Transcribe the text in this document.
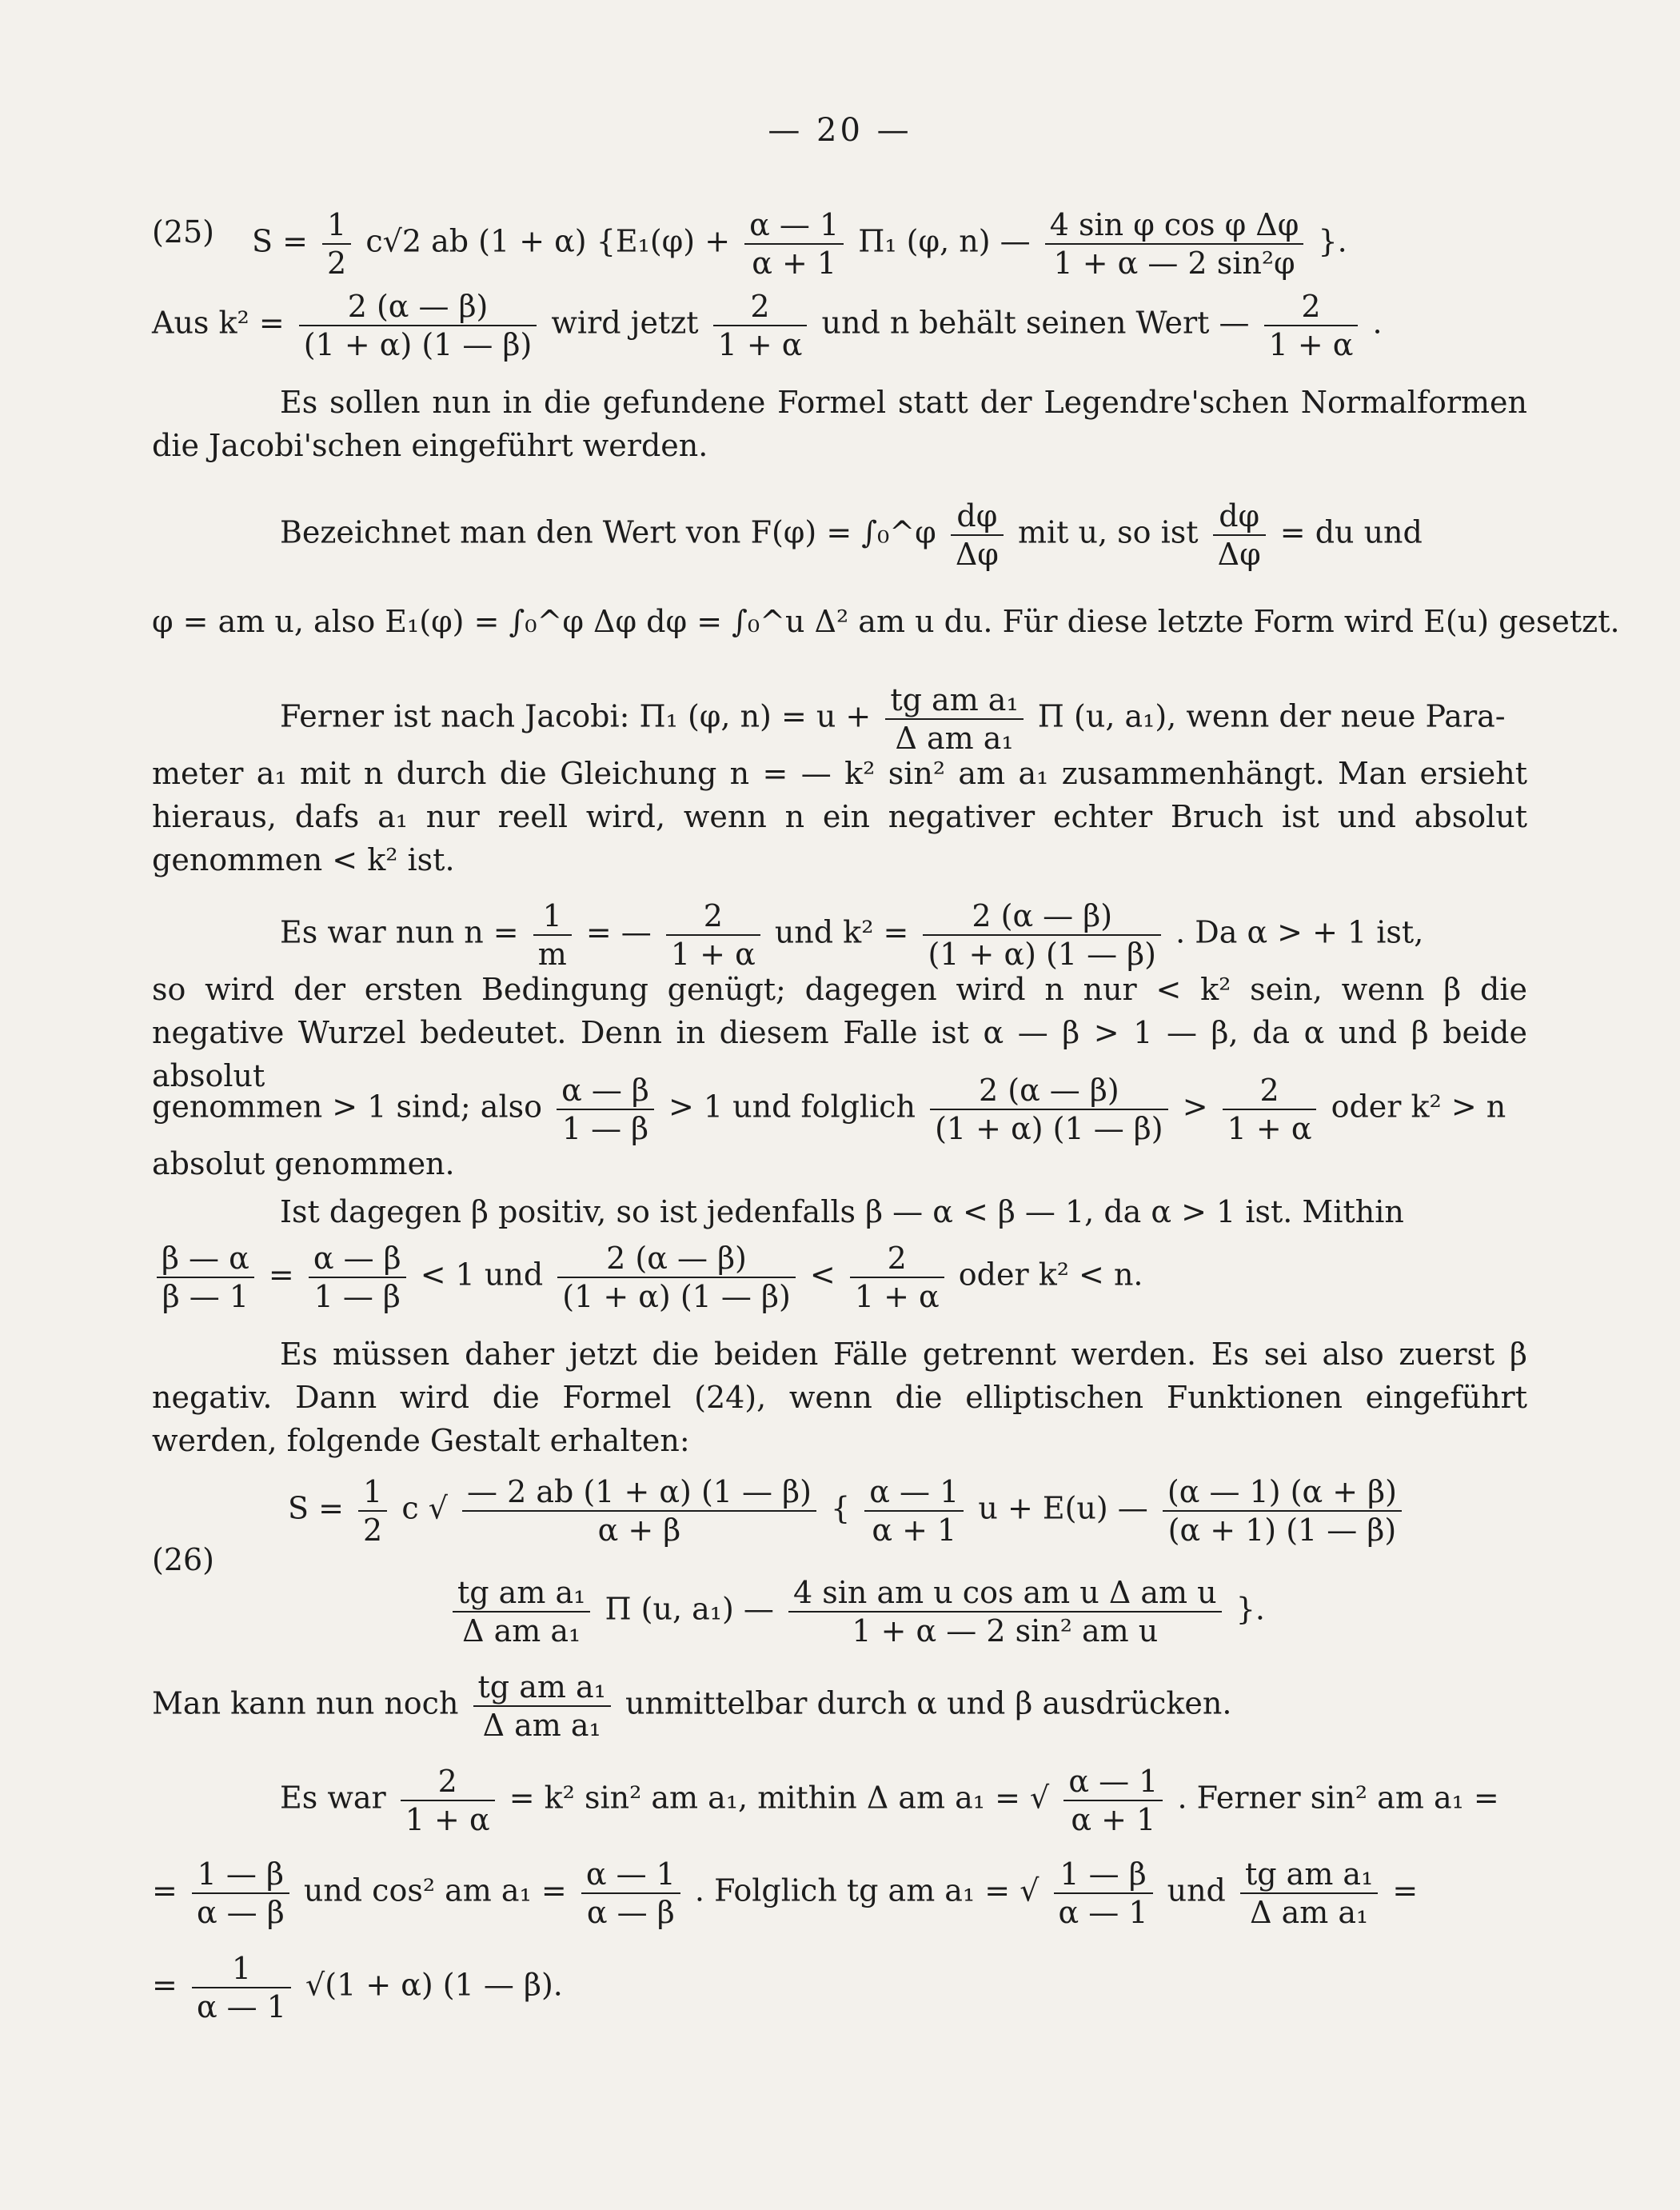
— 20 —
(25) $S = \frac{1}{2} c√2$ ab (1 + α) {$E_1(\varphi) + \frac{\alpha — 1}{\alpha + 1} \Pi_1$ (φ, n) — $\frac{\text{4 sin φ cos φ Δφ}}{\text{1 + α — 2 sin²φ}}$ }.
Aus $k^2 = \frac{2 (\alpha — \beta)}{(1 + \alpha) (1 — \beta)}$ wird jetzt $\frac{2}{1 + \alpha}$ und n behält seinen Wert — $\frac{2}{1 + \alpha}$ .
Es sollen nun in die gefundene Formel statt der Legendre'schen Normalformen die Jacobi'schen eingeführt werden.
Bezeichnet man den Wert von F(φ) = ∫₀^φ $\frac{d\varphi}{\Delta\varphi}$ mit u, so ist $\frac{d\varphi}{\Delta\varphi}$ = du und
φ = am u, also E₁(φ) = ∫₀^φ Δφ dφ = ∫₀^u Δ² am u du. Für diese letzte Form wird E(u) gesetzt.
Ferner ist nach Jacobi: Π₁ (φ, $n) = u + \frac{\text{tg am a₁}}{\text{Δ am a₁}}$ Π (u, a₁), wenn der neue Para-
meter a₁ mit n durch die Gleichung n = — k² sin² am a₁ zusammenhängt. Man ersieht hieraus, dafs a₁ nur reell wird, wenn n ein negativer echter Bruch ist und absolut genommen < k² ist.
Es war nun $n = \frac{1}{m}$ = — $\frac{2}{1 + \alpha}$ und $k^2 = \frac{2 (\alpha — \beta)}{(1 + \alpha) (1 — \beta)}$ . Da α > + 1 ist,
so wird der ersten Bedingung genügt; dagegen wird n nur < k² sein, wenn β die negative Wurzel bedeutet. Denn in diesem Falle ist α — β > 1 — β, da α und β beide absolut
genommen > 1 sind; also $\frac{\alpha — \beta}{1 — \beta} > 1$ und folglich $\frac{2 (\alpha — \beta)}{(1 + \alpha) (1 — \beta)} > \frac{2}{1 + \alpha}$ oder k² > n
absolut genommen.
Ist dagegen β positiv, so ist jedenfalls β — α < β — 1, da α > 1 ist. Mithin
$\frac{\beta — \alpha}{\beta — 1} = \frac{\alpha — \beta}{1 — \beta} < 1$ und $\frac{2 (\alpha — \beta)}{(1 + \alpha) (1 — \beta)} < \frac{2}{1 + \alpha}$ oder k² < n.
Es müssen daher jetzt die beiden Fälle getrennt werden. Es sei also zuerst β negativ. Dann wird die Formel (24), wenn die elliptischen Funktionen eingeführt werden, folgende Gestalt erhalten:
(26)
$S = \frac{1}{2}$ c √ $\frac{— 2 ab (1 + \alpha) (1 — \beta)}{\alpha + \beta}$ { $\frac{\alpha — 1}{\alpha + 1}$ u + E(u) — $\frac{(\alpha — 1) (\alpha + \beta)}{(\alpha + 1) (1 — \beta)}$
$\frac{\text{tg am a₁}}{\text{Δ am a₁}}$ Π (u, a₁) — $\frac{\text{4 sin am u cos am u Δ am u}}{\text{1 + α — 2 sin² am u}}$ }.
Man kann nun noch $\frac{\text{tg am a₁}}{\text{Δ am a₁}}$ unmittelbar durch α und β ausdrücken.
Es war $\frac{2}{1 + \alpha} = k^2$ sin² am a₁, mithin Δ am a₁ = √ $\frac{\alpha — 1}{\alpha + 1}$ . Ferner sin² am a₁ =
= $\frac{1 — \beta}{\alpha — \beta}$ und cos² am $a_1 = \frac{\alpha — 1}{\alpha — \beta}$ . Folglich tg am a₁ = √ $\frac{1 — \beta}{\alpha — 1}$ und $\frac{\text{tg am a₁}}{\text{Δ am a₁}}$ =
= $\frac{1}{\alpha — 1} √(1 + \alpha)$ (1 — β).
